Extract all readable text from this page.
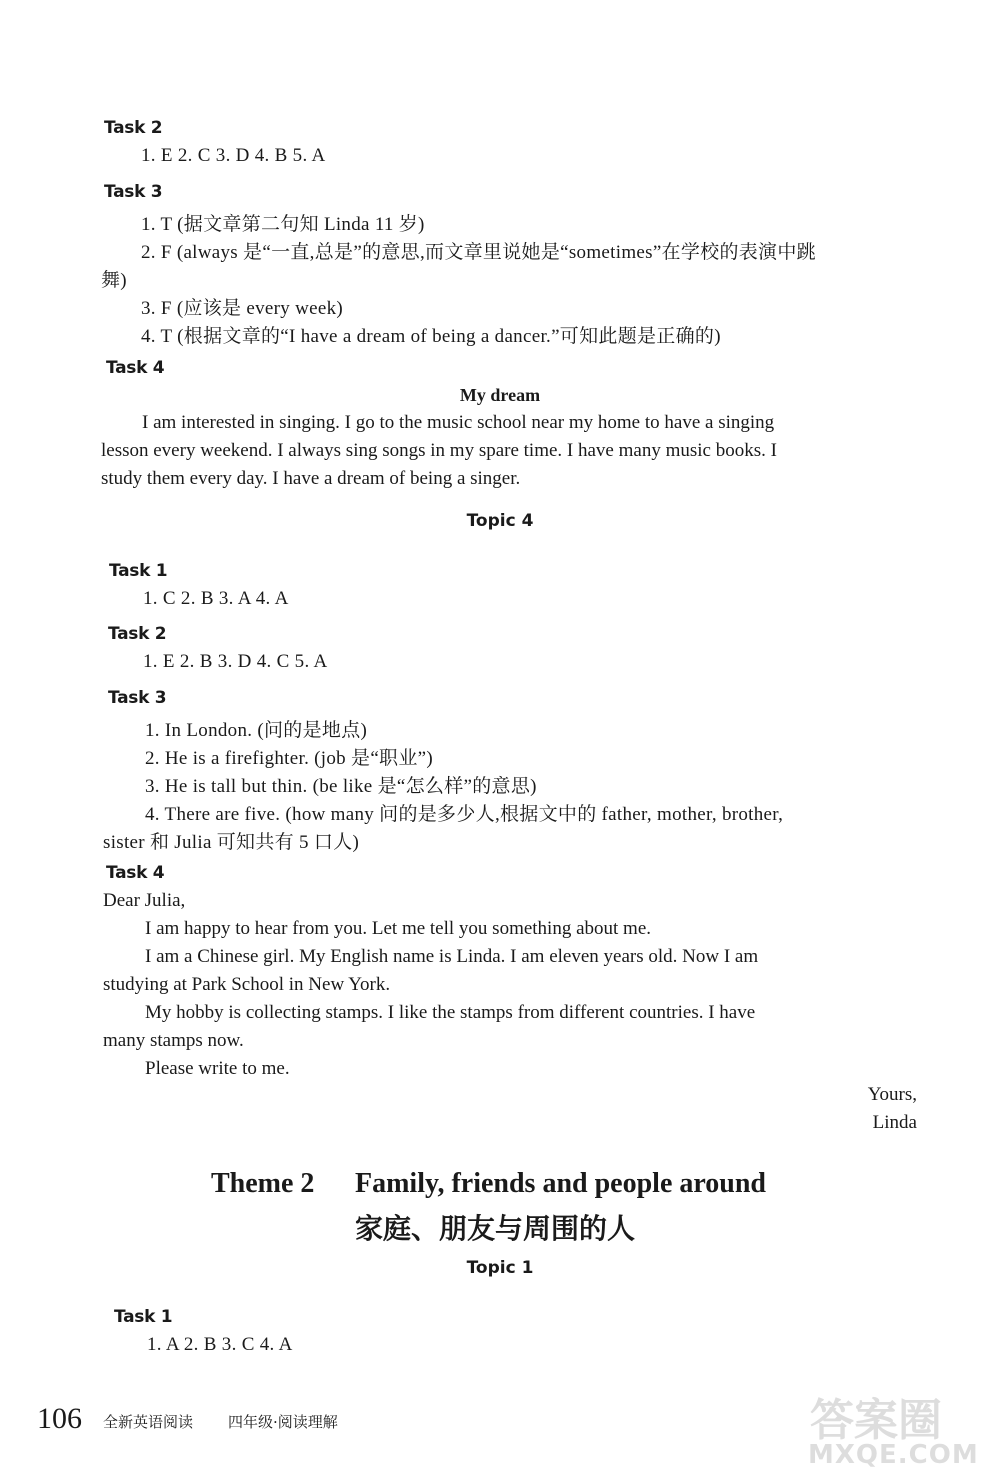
Task 2
1. E 2. C 3. D 4. B 5. A
Task 3
1. T (据文章第二句知 Linda 11 岁)
2. F (always 是“一直,总是”的意思,而文章里说她是“sometimes”在学校的表演中跳
舞)
3. F (应该是 every week)
4. T (根据文章的“I have a dream of being a dancer.”可知此题是正确的)
Task 4
My dream
I am interested in singing. I go to the music school near my home to have a singing
lesson every weekend. I always sing songs in my spare time. I have many music books. I
study them every day. I have a dream of being a singer.
Topic 4
Task 1
1. C 2. B 3. A 4. A
Task 2
1. E 2. B 3. D 4. C 5. A
Task 3
1. In London. (问的是地点)
2. He is a firefighter. (job 是“职业”)
3. He is tall but thin. (be like 是“怎么样”的意思)
4. There are five. (how many 问的是多少人,根据文中的 father, mother, brother,
sister 和 Julia 可知共有 5 口人)
Task 4
Dear Julia,
I am happy to hear from you. Let me tell you something about me.
I am a Chinese girl. My English name is Linda. I am eleven years old. Now I am
studying at Park School in New York.
My hobby is collecting stamps. I like the stamps from different countries. I have
many stamps now.
Please write to me.
Yours,
Linda
Theme 2 Family, friends and people around
家庭、朋友与周围的人
Topic 1
Task 1
1. A 2. B 3. C 4. A
106 全新英语阅读 四年级·阅读理解	答案圈
MXQE.COM
